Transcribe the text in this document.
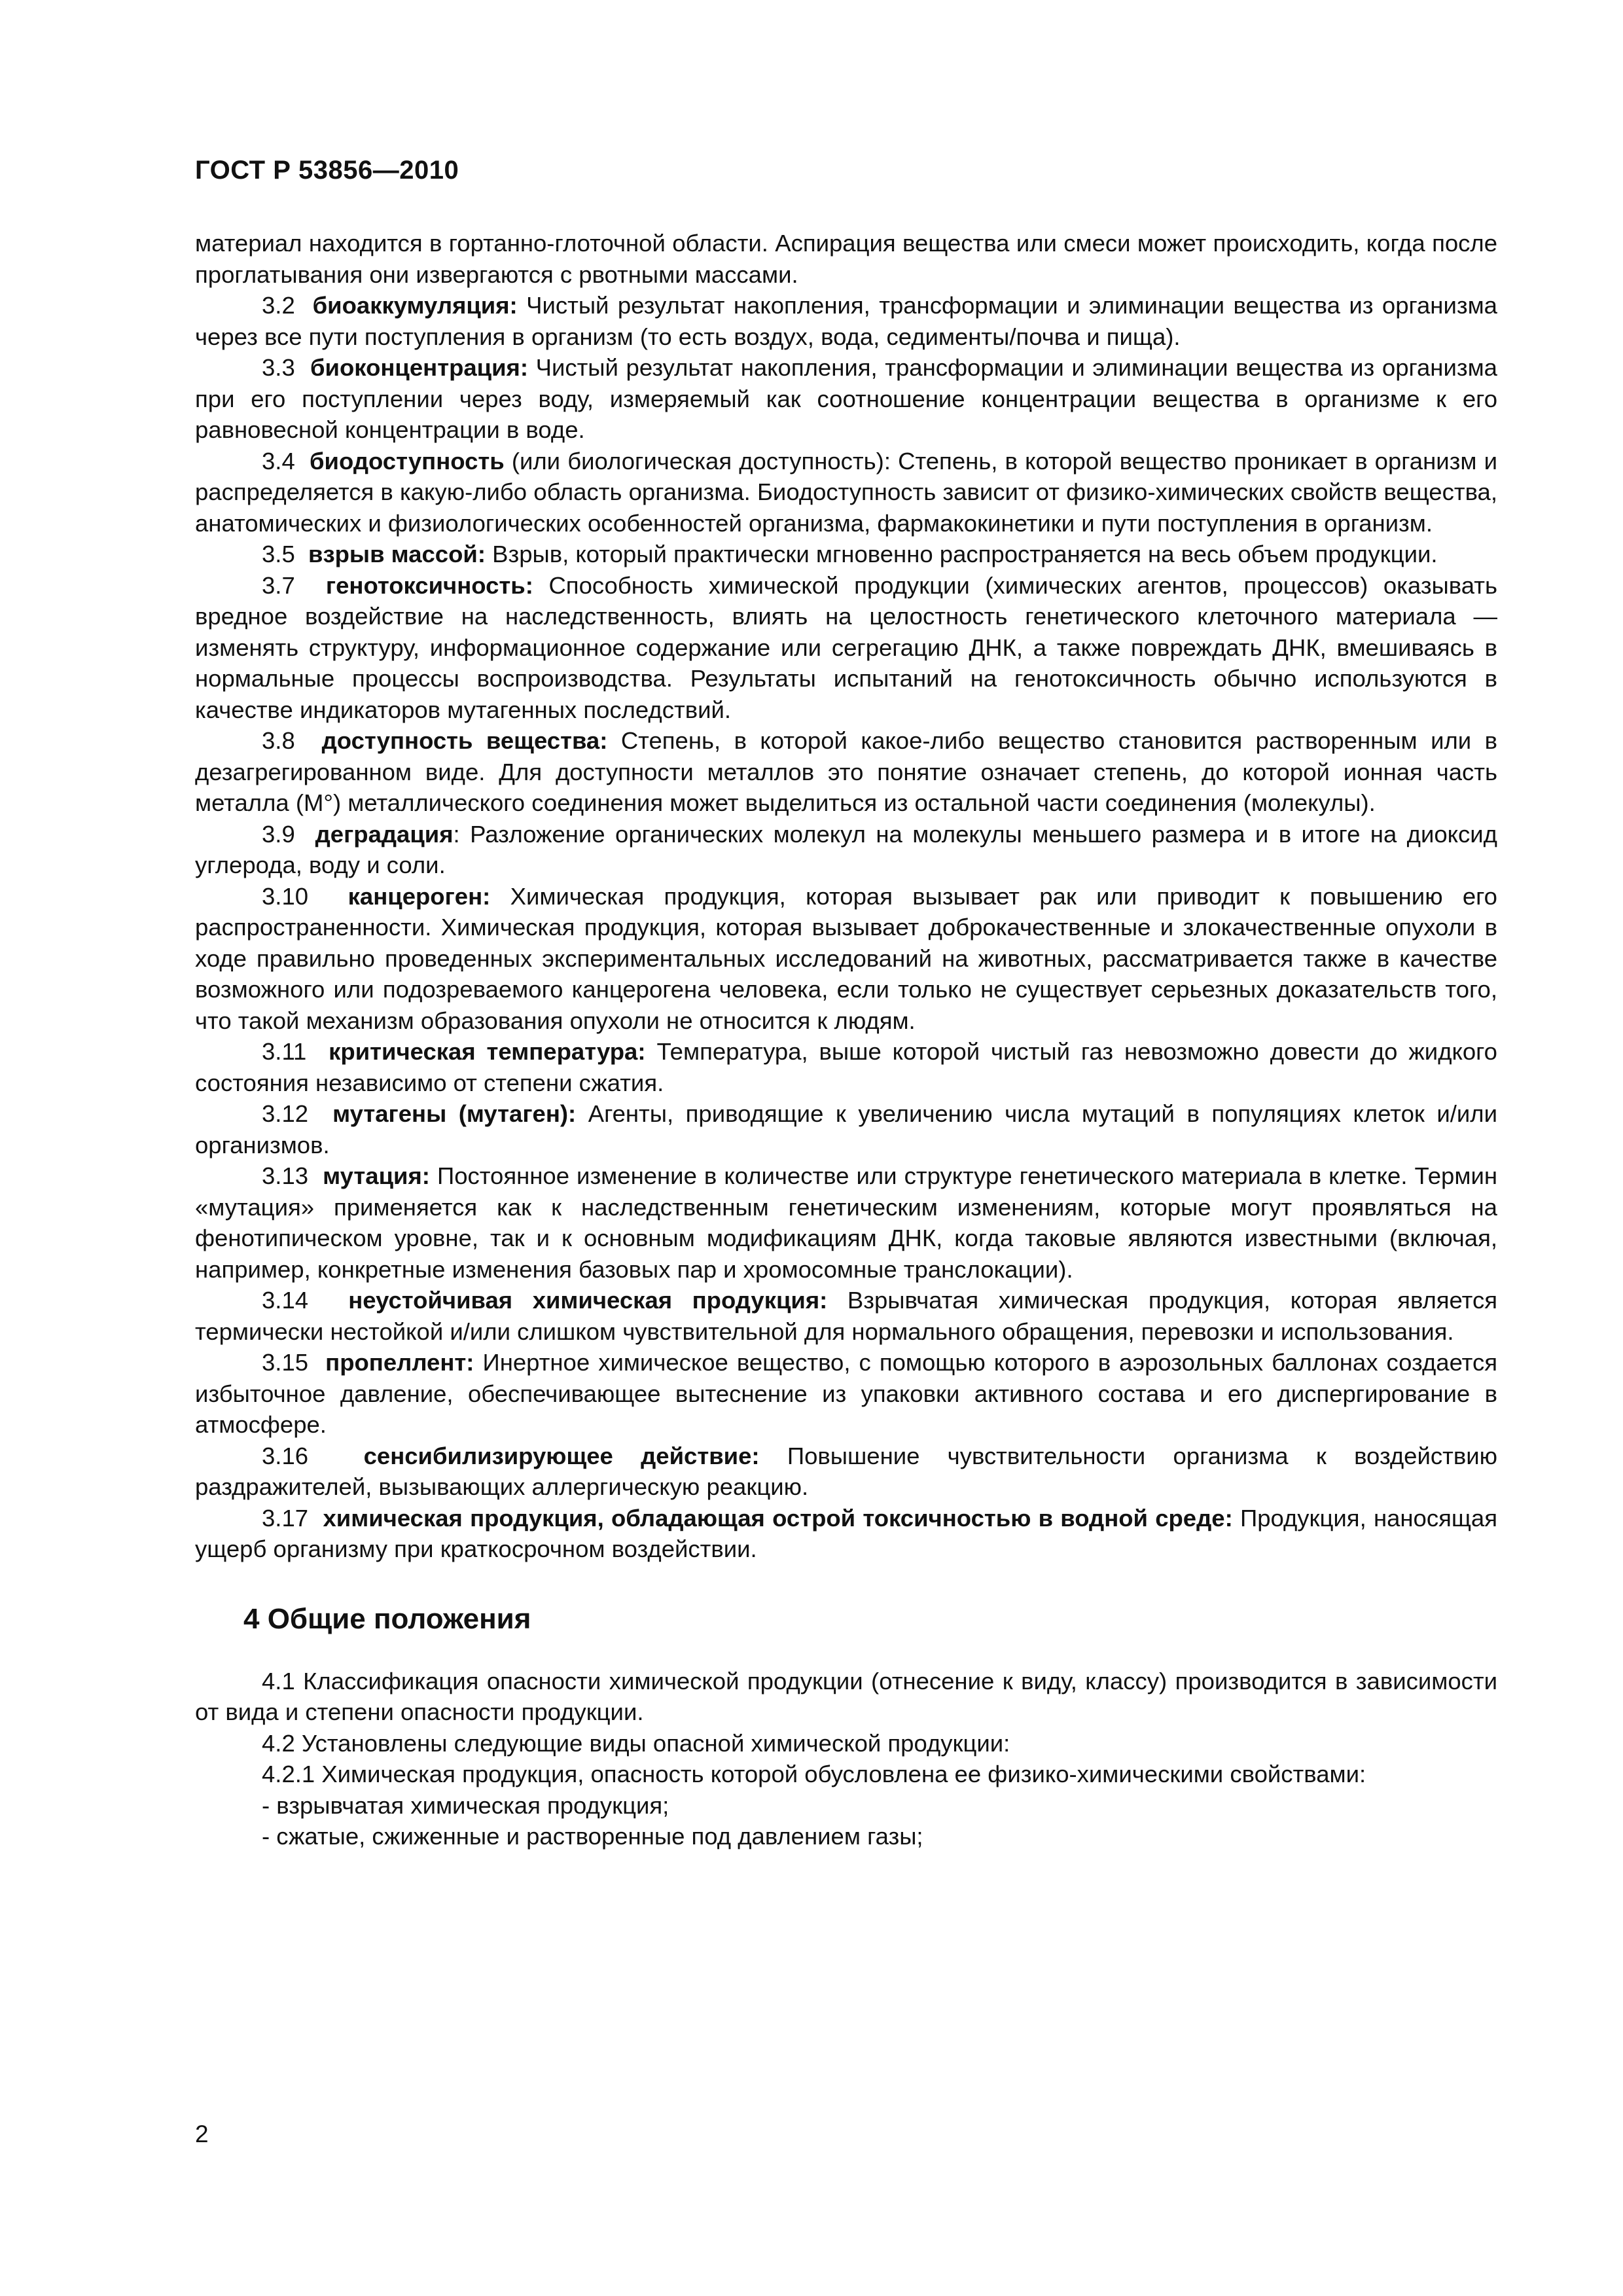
ГОСТ Р 53856—2010

материал находится в гортанно-глоточной области. Аспирация вещества или смеси может происходить, когда после проглатывания они извергаются с рвотными массами.

3.2 биоаккумуляция: Чистый результат накопления, трансформации и элиминации вещества из организма через все пути поступления в организм (то есть воздух, вода, седименты/почва и пища).

3.3 биоконцентрация: Чистый результат накопления, трансформации и элиминации вещества из организма при его поступлении через воду, измеряемый как соотношение концентрации вещества в организме к его равновесной концентрации в воде.

3.4 биодоступность (или биологическая доступность): Степень, в которой вещество проникает в организм и распределяется в какую-либо область организма. Биодоступность зависит от физико-химических свойств вещества, анатомических и физиологических особенностей организма, фармакокинетики и пути поступления в организм.

3.5 взрыв массой: Взрыв, который практически мгновенно распространяется на весь объем продукции.

3.7 генотоксичность: Способность химической продукции (химических агентов, процессов) оказывать вредное воздействие на наследственность, влиять на целостность генетического клеточного материала — изменять структуру, информационное содержание или сегрегацию ДНК, а также повреждать ДНК, вмешиваясь в нормальные процессы воспроизводства. Результаты испытаний на генотоксичность обычно используются в качестве индикаторов мутагенных последствий.

3.8 доступность вещества: Степень, в которой какое-либо вещество становится растворенным или в дезагрегированном виде. Для доступности металлов это понятие означает степень, до которой ионная часть металла (M°) металлического соединения может выделиться из остальной части соединения (молекулы).

3.9 деградация: Разложение органических молекул на молекулы меньшего размера и в итоге на диоксид углерода, воду и соли.

3.10 канцероген: Химическая продукция, которая вызывает рак или приводит к повышению его распространенности. Химическая продукция, которая вызывает доброкачественные и злокачественные опухоли в ходе правильно проведенных экспериментальных исследований на животных, рассматривается также в качестве возможного или подозреваемого канцерогена человека, если только не существует серьезных доказательств того, что такой механизм образования опухоли не относится к людям.

3.11 критическая температура: Температура, выше которой чистый газ невозможно довести до жидкого состояния независимо от степени сжатия.

3.12 мутагены (мутаген): Агенты, приводящие к увеличению числа мутаций в популяциях клеток и/или организмов.

3.13 мутация: Постоянное изменение в количестве или структуре генетического материала в клетке. Термин «мутация» применяется как к наследственным генетическим изменениям, которые могут проявляться на фенотипическом уровне, так и к основным модификациям ДНК, когда таковые являются известными (включая, например, конкретные изменения базовых пар и хромосомные транслокации).

3.14 неустойчивая химическая продукция: Взрывчатая химическая продукция, которая является термически нестойкой и/или слишком чувствительной для нормального обращения, перевозки и использования.

3.15 пропеллент: Инертное химическое вещество, с помощью которого в аэрозольных баллонах создается избыточное давление, обеспечивающее вытеснение из упаковки активного состава и его диспергирование в атмосфере.

3.16 сенсибилизирующее действие: Повышение чувствительности организма к воздействию раздражителей, вызывающих аллергическую реакцию.

3.17 химическая продукция, обладающая острой токсичностью в водной среде: Продукция, наносящая ущерб организму при краткосрочном воздействии.

4 Общие положения

4.1 Классификация опасности химической продукции (отнесение к виду, классу) производится в зависимости от вида и степени опасности продукции.

4.2 Установлены следующие виды опасной химической продукции:

4.2.1 Химическая продукция, опасность которой обусловлена ее физико-химическими свойствами:

- взрывчатая химическая продукция;

- сжатые, сжиженные и растворенные под давлением газы;

2
